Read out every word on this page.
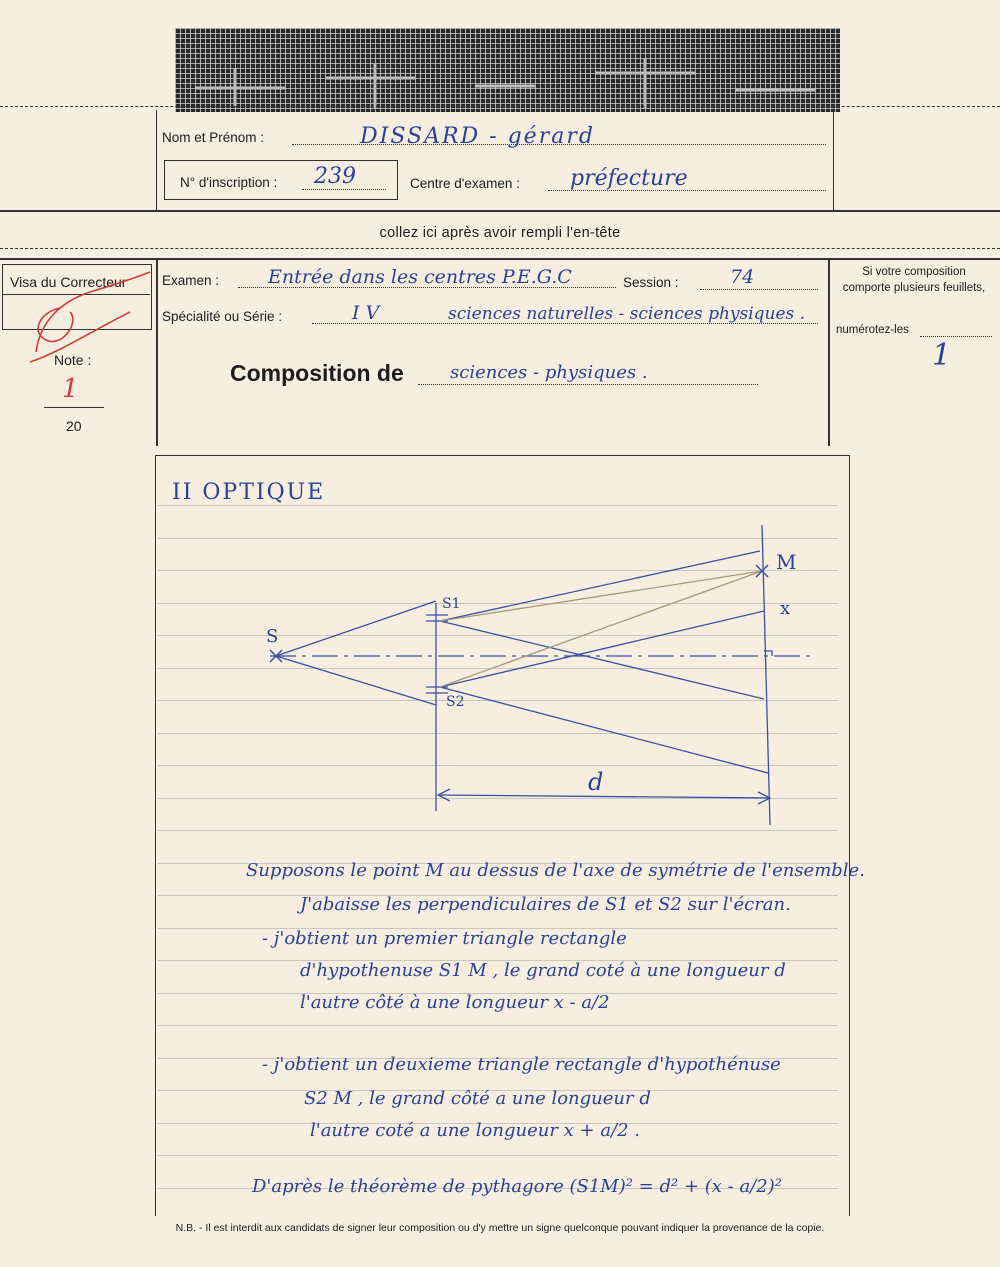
Nom et Prénom :	DISSARD - gérard
N° d'inscription : 239	Centre d'examen : préfecture
collez ici après avoir rempli l'en-tête
Visa du Correcteur
Note :
1
20
Examen :	Entrée dans les centres P.E.G.C	Session :	74
Spécialité ou Série :	I V	sciences naturelles - sciences physiques .
Composition de	sciences - physiques .
Si votre composition comporte plusieurs feuillets,
numérotez-les
1
II OPTIQUE
M
x
S
S1
S2
d
Supposons le point M au dessus de l'axe de symétrie de l'ensemble.
J'abaisse les perpendiculaires de S1 et S2 sur l'écran.
- j'obtient un premier triangle rectangle
d'hypothenuse S1 M , le grand coté à une longueur d
l'autre côté à une longueur x - a/2
- j'obtient un deuxieme triangle rectangle d'hypothénuse
S2 M , le grand côté a une longueur d
l'autre coté a une longueur x + a/2 .
D'après le théorème de pythagore (S1M)² = d² + (x - a/2)²
N.B. - Il est interdit aux candidats de signer leur composition ou d'y mettre un signe quelconque pouvant indiquer la provenance de la copie.
